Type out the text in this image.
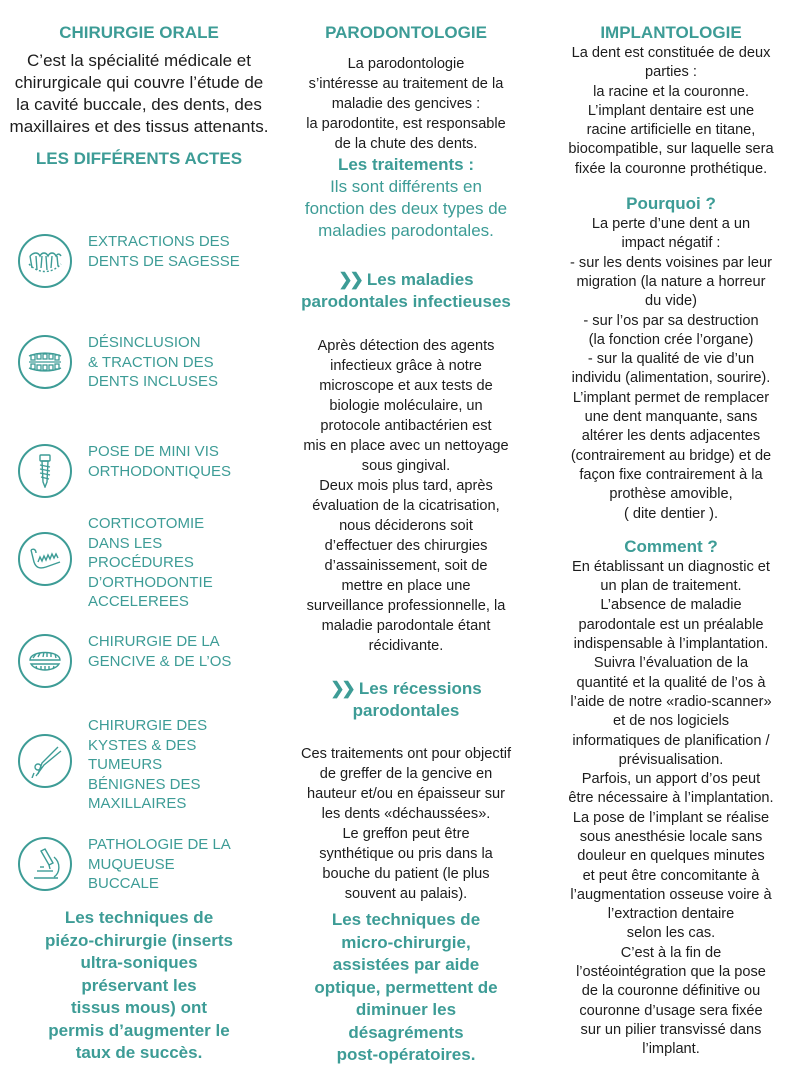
CHIRURGIE ORALE

C’est la spécialité médicale et chirurgicale qui couvre l’étude de la cavité buccale, des dents, des maxillaires et des tissus attenants.

LES DIFFÉRENTS ACTES

EXTRACTIONS DES
DENTS DE SAGESSE
DÉSINCLUSION
& TRACTION DES
DENTS INCLUSES
POSE DE MINI VIS
ORTHODONTIQUES
CORTICOTOMIE
DANS LES
PROCÉDURES
D’ORTHODONTIE
ACCELEREES
CHIRURGIE DE LA
GENCIVE & DE L’OS
CHIRURGIE DES
KYSTES & DES
TUMEURS
BÉNIGNES DES
MAXILLAIRES
PATHOLOGIE DE LA
MUQUEUSE
BUCCALE
Les techniques de
piézo-chirurgie (inserts
ultra-soniques
préservant les
tissus mous) ont
permis d’augmenter le
taux de succès.

PARODONTOLOGIE

La parodontologie
s’intéresse au traitement de la
maladie des gencives :
la parodontite, est responsable
de la chute des dents.

Les traitements :

Ils sont différents en
fonction des deux types de
maladies parodontales.

❯❯ Les maladies
parodontales infectieuses

Après détection des agents
infectieux grâce à notre
microscope et aux tests de
biologie moléculaire, un
protocole antibactérien est
mis en place avec un nettoyage
sous gingival.
Deux mois plus tard, après
évaluation de la cicatrisation,
nous déciderons soit
d’effectuer des chirurgies
d’assainissement, soit de
mettre en place une
surveillance professionnelle, la
maladie parodontale étant
récidivante.

❯❯ Les récessions
parodontales

Ces traitements ont pour objectif
de greffer de la gencive en
hauteur et/ou en épaisseur sur
les dents «déchaussées».
Le greffon peut être
synthétique ou pris dans la
bouche du patient (le plus
souvent au palais).

Les techniques de
micro-chirurgie,
assistées par aide
optique, permettent de
diminuer les
désagréments
post-opératoires.

IMPLANTOLOGIE

La dent est constituée de deux
parties :
la racine et la couronne.
L’implant dentaire est une
racine artificielle en titane,
biocompatible, sur laquelle sera
fixée la couronne prothétique.

Pourquoi ?

La perte d’une dent a un
impact négatif :
- sur les dents voisines par leur
migration (la nature a horreur
du vide)
- sur l’os par sa destruction
(la fonction crée l’organe)
- sur la qualité de vie d’un
individu (alimentation, sourire).
L’implant permet de remplacer
une dent manquante, sans
altérer les dents adjacentes
(contrairement au bridge) et de
façon fixe contrairement à la
prothèse amovible,
( dite dentier ).

Comment ?

En établissant un diagnostic et
un plan de traitement.
L’absence de maladie
parodontale est un préalable
indispensable à l’implantation.
Suivra l’évaluation de la
quantité et la qualité de l’os à
l’aide de notre «radio-scanner»
et de nos logiciels
informatiques de planification /
prévisualisation.
Parfois, un apport d’os peut
être nécessaire à l’implantation.
La pose de l’implant se réalise
sous anesthésie locale sans
douleur en quelques minutes
et peut être concomitante à
l’augmentation osseuse voire à
l’extraction dentaire
selon les cas.
C’est à la fin de
l’ostéointégration que la pose
de la couronne définitive ou
couronne d’usage sera fixée
sur un pilier transvissé dans
l’implant.
